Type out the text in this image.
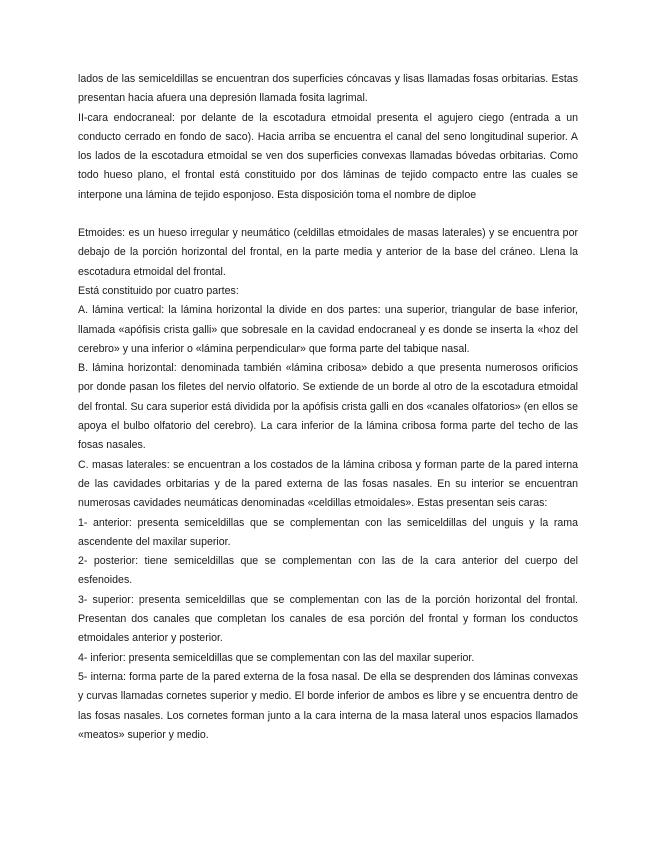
lados de las semiceldillas se encuentran dos superficies cóncavas y lisas llamadas fosas orbitarias. Estas presentan hacia afuera una depresión llamada fosita lagrimal.

II-cara endocraneal: por delante de la escotadura etmoidal presenta el agujero ciego (entrada a un conducto cerrado en fondo de saco). Hacia arriba se encuentra el canal del seno longitudinal superior. A los lados de la escotadura etmoidal se ven dos superficies convexas llamadas bóvedas orbitarias. Como todo hueso plano, el frontal está constituido por dos láminas de tejido compacto entre las cuales se interpone una lámina de tejido esponjoso. Esta disposición toma el nombre de diploe

Etmoides: es un hueso irregular y neumático (celdillas etmoidales de masas laterales) y se encuentra por debajo de la porción horizontal del frontal, en la parte media y anterior de la base del cráneo. Llena la escotadura etmoidal del frontal.

Está constituido por cuatro partes:

A. lámina vertical: la lámina horizontal la divide en dos partes: una superior, triangular de base inferior, llamada «apófisis crista galli» que sobresale en la cavidad endocraneal y es donde se inserta la «hoz del cerebro» y una inferior o «lámina perpendicular» que forma parte del tabique nasal.

B. lámina horizontal: denominada también «lámina cribosa» debido a que presenta numerosos orificios por donde pasan los filetes del nervio olfatorio. Se extiende de un borde al otro de la escotadura etmoidal del frontal. Su cara superior está dividida por la apófisis crista galli en dos «canales olfatorios» (en ellos se apoya el bulbo olfatorio del cerebro). La cara inferior de la lámina cribosa forma parte del techo de las fosas nasales.

C. masas laterales: se encuentran a los costados de la lámina cribosa y forman parte de la pared interna de las cavidades orbitarias y de la pared externa de las fosas nasales. En su interior se encuentran numerosas cavidades neumáticas denominadas «celdillas etmoidales». Estas presentan seis caras:

1- anterior: presenta semiceldillas que se complementan con las semiceldillas del unguis y la rama ascendente del maxilar superior.

2- posterior: tiene semiceldillas que se complementan con las de la cara anterior del cuerpo del esfenoides.

3- superior: presenta semiceldillas que se complementan con las de la porción horizontal del frontal. Presentan dos canales que completan los canales de esa porción del frontal y forman los conductos etmoidales anterior y posterior.

4- inferior: presenta semiceldillas que se complementan con las del maxilar superior.

5- interna: forma parte de la pared externa de la fosa nasal. De ella se desprenden dos láminas convexas y curvas llamadas cornetes superior y medio. El borde inferior de ambos es libre y se encuentra dentro de las fosas nasales. Los cornetes forman junto a la cara interna de la masa lateral unos espacios llamados «meatos» superior y medio.
